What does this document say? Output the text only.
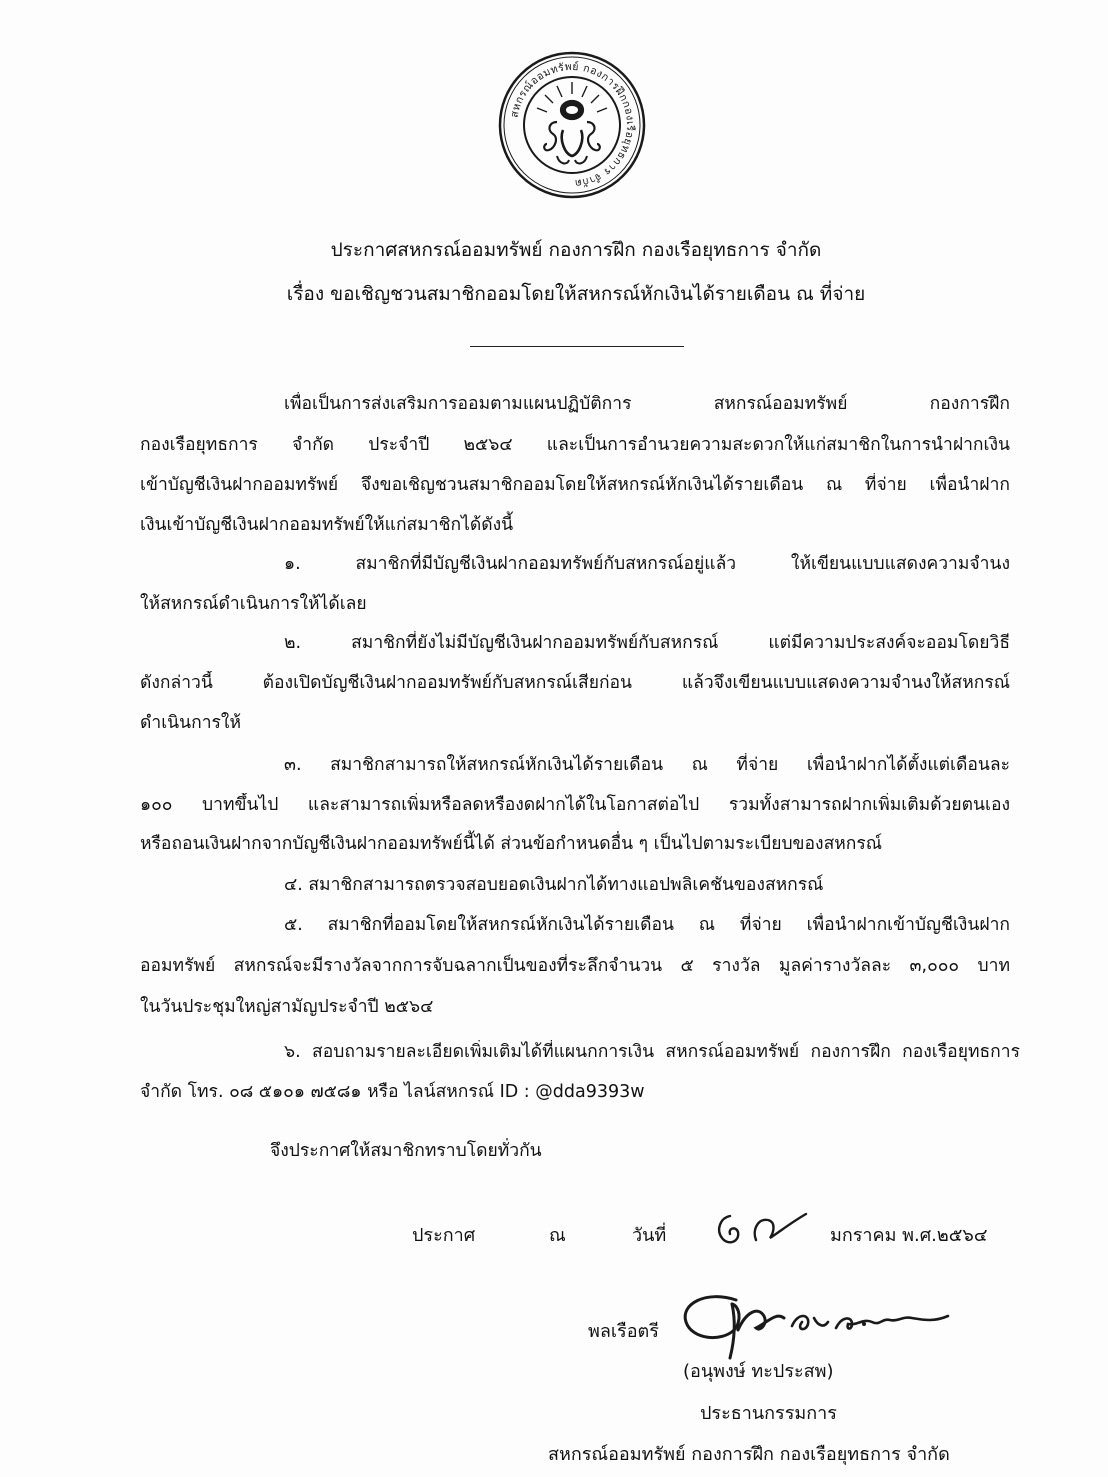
สหกรณ์ออมทรัพย์ กองการฝึกกองเรือยุทธการ จำกัด
ประกาศสหกรณ์ออมทรัพย์ กองการฝึก กองเรือยุทธการ จำกัด
เรื่อง ขอเชิญชวนสมาชิกออมโดยให้สหกรณ์หักเงินได้รายเดือน ณ ที่จ่าย
เพื่อเป็นการส่งเสริมการออมตามแผนปฏิบัติการ สหกรณ์ออมทรัพย์ กองการฝึก
กองเรือยุทธการ จำกัด ประจำปี ๒๕๖๔ และเป็นการอำนวยความสะดวกให้แก่สมาชิกในการนำฝากเงิน
เข้าบัญชีเงินฝากออมทรัพย์ จึงขอเชิญชวนสมาชิกออมโดยให้สหกรณ์หักเงินได้รายเดือน ณ ที่จ่าย เพื่อนำฝาก
เงินเข้าบัญชีเงินฝากออมทรัพย์ให้แก่สมาชิกได้ดังนี้
๑. สมาชิกที่มีบัญชีเงินฝากออมทรัพย์กับสหกรณ์อยู่แล้ว ให้เขียนแบบแสดงความจำนง
ให้สหกรณ์ดำเนินการให้ได้เลย
๒. สมาชิกที่ยังไม่มีบัญชีเงินฝากออมทรัพย์กับสหกรณ์ แต่มีความประสงค์จะออมโดยวิธี
ดังกล่าวนี้ ต้องเปิดบัญชีเงินฝากออมทรัพย์กับสหกรณ์เสียก่อน แล้วจึงเขียนแบบแสดงความจำนงให้สหกรณ์
ดำเนินการให้
๓. สมาชิกสามารถให้สหกรณ์หักเงินได้รายเดือน ณ ที่จ่าย เพื่อนำฝากได้ตั้งแต่เดือนละ
๑๐๐ บาทขึ้นไป และสามารถเพิ่มหรือลดหรืองดฝากได้ในโอกาสต่อไป รวมทั้งสามารถฝากเพิ่มเติมด้วยตนเอง
หรือถอนเงินฝากจากบัญชีเงินฝากออมทรัพย์นี้ได้ ส่วนข้อกำหนดอื่น ๆ เป็นไปตามระเบียบของสหกรณ์
๔. สมาชิกสามารถตรวจสอบยอดเงินฝากได้ทางแอปพลิเคชันของสหกรณ์
๕. สมาชิกที่ออมโดยให้สหกรณ์หักเงินได้รายเดือน ณ ที่จ่าย เพื่อนำฝากเข้าบัญชีเงินฝาก
ออมทรัพย์ สหกรณ์จะมีรางวัลจากการจับฉลากเป็นของที่ระลึกจำนวน ๕ รางวัล มูลค่ารางวัลละ ๓,๐๐๐ บาท
ในวันประชุมใหญ่สามัญประจำปี ๒๕๖๔
๖. สอบถามรายละเอียดเพิ่มเติมได้ที่แผนกการเงิน สหกรณ์ออมทรัพย์ กองการฝึก กองเรือยุทธการ
จำกัด โทร. ๐๘ ๕๑๐๑ ๗๕๘๑ หรือ ไลน์สหกรณ์ ID : @dda9393w
จึงประกาศให้สมาชิกทราบโดยทั่วกัน
ประกาศ	ณ	วันที่	มกราคม พ.ศ.๒๕๖๔
พลเรือตรี
(อนุพงษ์ ทะประสพ)
ประธานกรรมการ
สหกรณ์ออมทรัพย์ กองการฝึก กองเรือยุทธการ จำกัด
